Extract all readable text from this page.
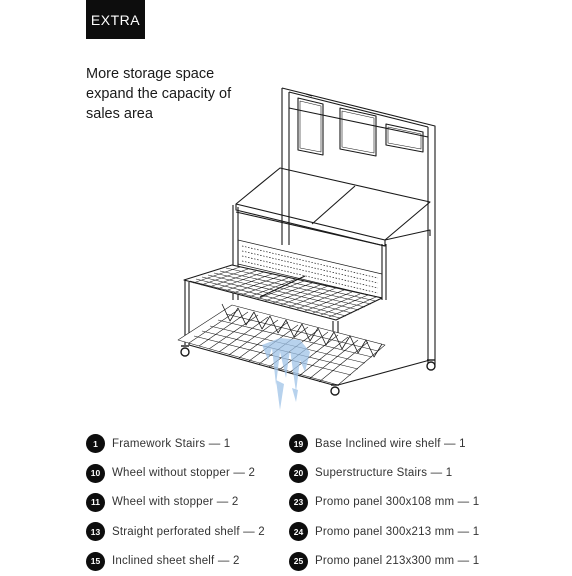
EXTRA
More storage space
expand the capacity of
sales area
1	Framework Stairs — 1
10	Wheel without stopper — 2
11	Wheel with stopper — 2
13	Straight perforated shelf — 2
15	Inclined sheet shelf — 2
19	Base Inclined wire shelf — 1
20	Superstructure Stairs — 1
23	Promo panel 300x108 mm — 1
24	Promo panel 300x213 mm — 1
25	Promo panel 213x300 mm — 1
